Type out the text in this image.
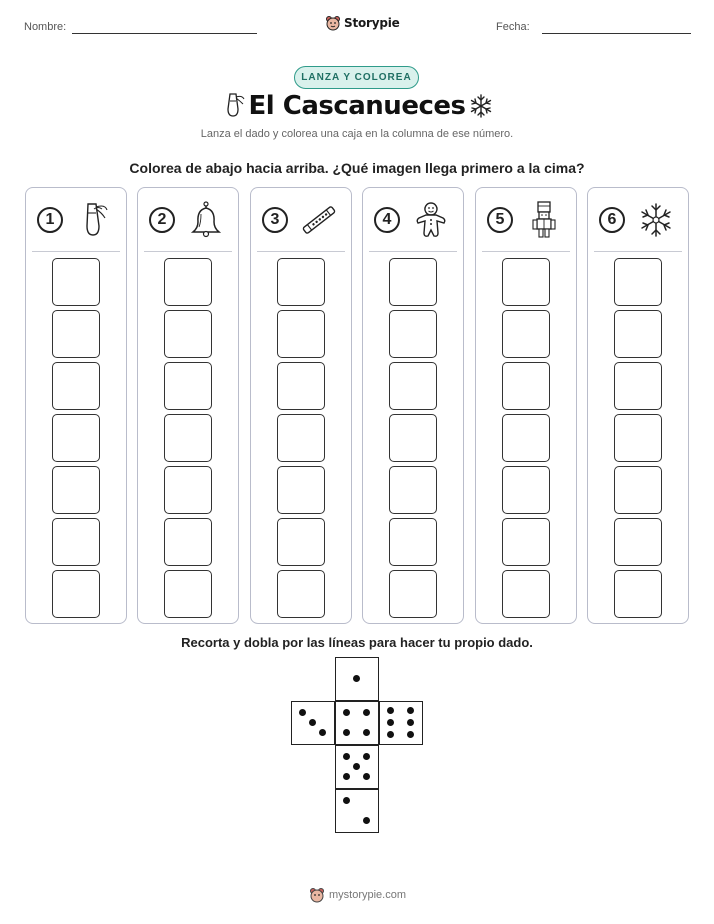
Nombre:	Storypie	Fecha:
LANZA Y COLOREA
El Cascanueces
Lanza el dado y colorea una caja en la columna de ese número.
Colorea de abajo hacia arriba. ¿Qué imagen llega primero a la cima?
1	2	3	4	5	6
Recorta y dobla por las líneas para hacer tu propio dado.
mystorypie.com
